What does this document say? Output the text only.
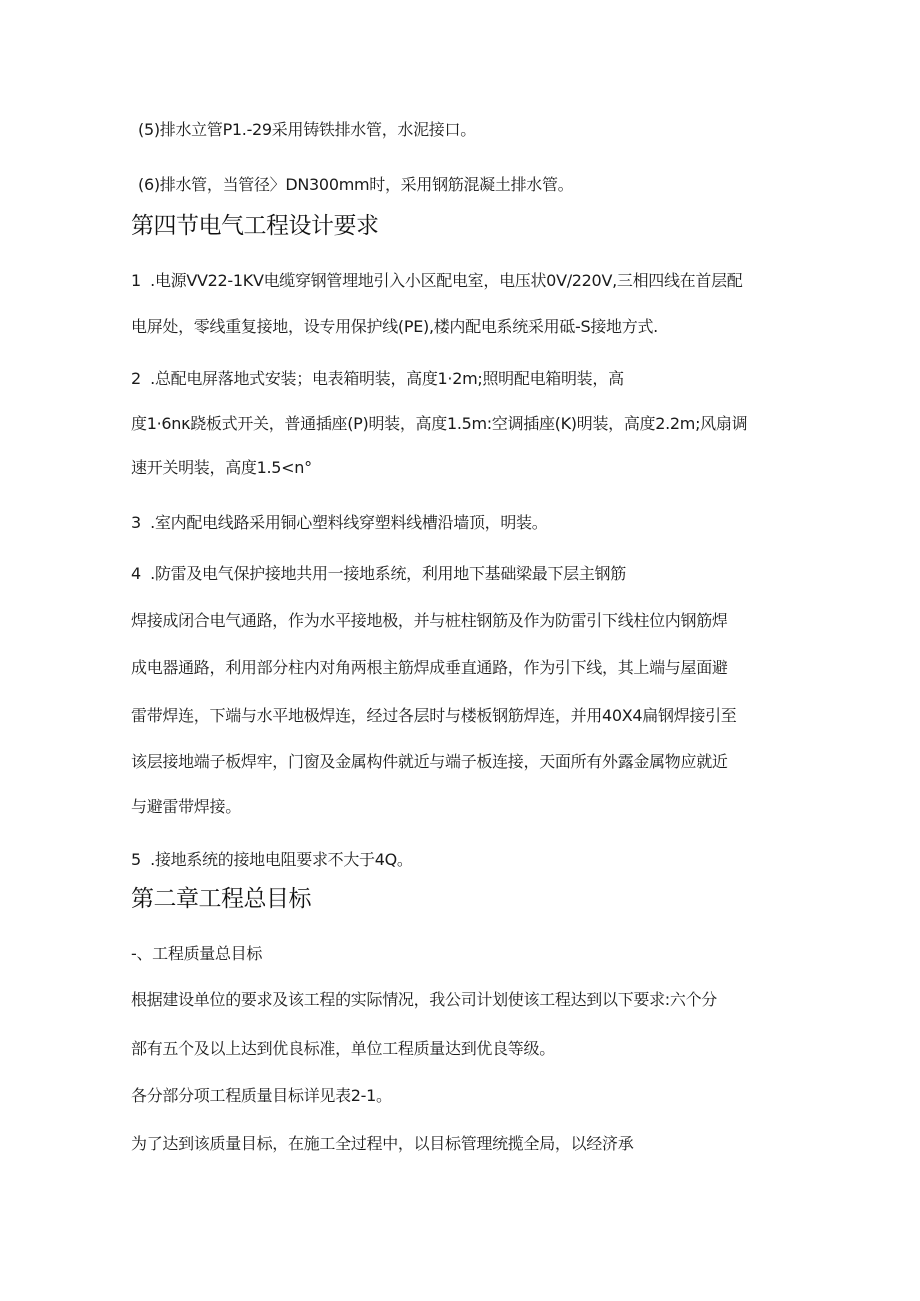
(5)排水立管P1.-29采用铸铁排水管，水泥接口。
(6)排水管，当管径〉DN300mm时，采用钢筋混凝土排水管。
第四节电气工程设计要求
1	.电源VV22-1KV电缆穿钢管埋地引入小区配电室，电压状0V/220V,三相四线在首层配
电屏处，零线重复接地，设专用保护线(PE),楼内配电系统采用砥-S接地方式.
2	.总配电屏落地式安装；电表箱明装，高度1·2m;照明配电箱明装，高
度1·6nκ跷板式开关，普通插座(P)明装，高度1.5m:空调插座(K)明装，高度2.2m;风扇调
速开关明装，高度1.5<n°
3	.室内配电线路采用铜心塑料线穿塑料线槽沿墙顶，明装。
4	.防雷及电气保护接地共用一接地系统，利用地下基础梁最下层主钢筋
焊接成闭合电气通路，作为水平接地极，并与桩柱钢筋及作为防雷引下线柱位内钢筋焊
成电器通路，利用部分柱内对角两根主筋焊成垂直通路，作为引下线，其上端与屋面避
雷带焊连，下端与水平地极焊连，经过各层时与楼板钢筋焊连，并用40X4扁钢焊接引至
该层接地端子板焊牢，门窗及金属构件就近与端子板连接，天面所有外露金属物应就近
与避雷带焊接。
5	.接地系统的接地电阻要求不大于4Q。
第二章工程总目标
-、工程质量总目标
根据建设单位的要求及该工程的实际情况，我公司计划使该工程达到以下要求:六个分
部有五个及以上达到优良标准，单位工程质量达到优良等级。
各分部分项工程质量目标详见表2-1。
为了达到该质量目标，在施工全过程中，以目标管理统揽全局，以经济承
